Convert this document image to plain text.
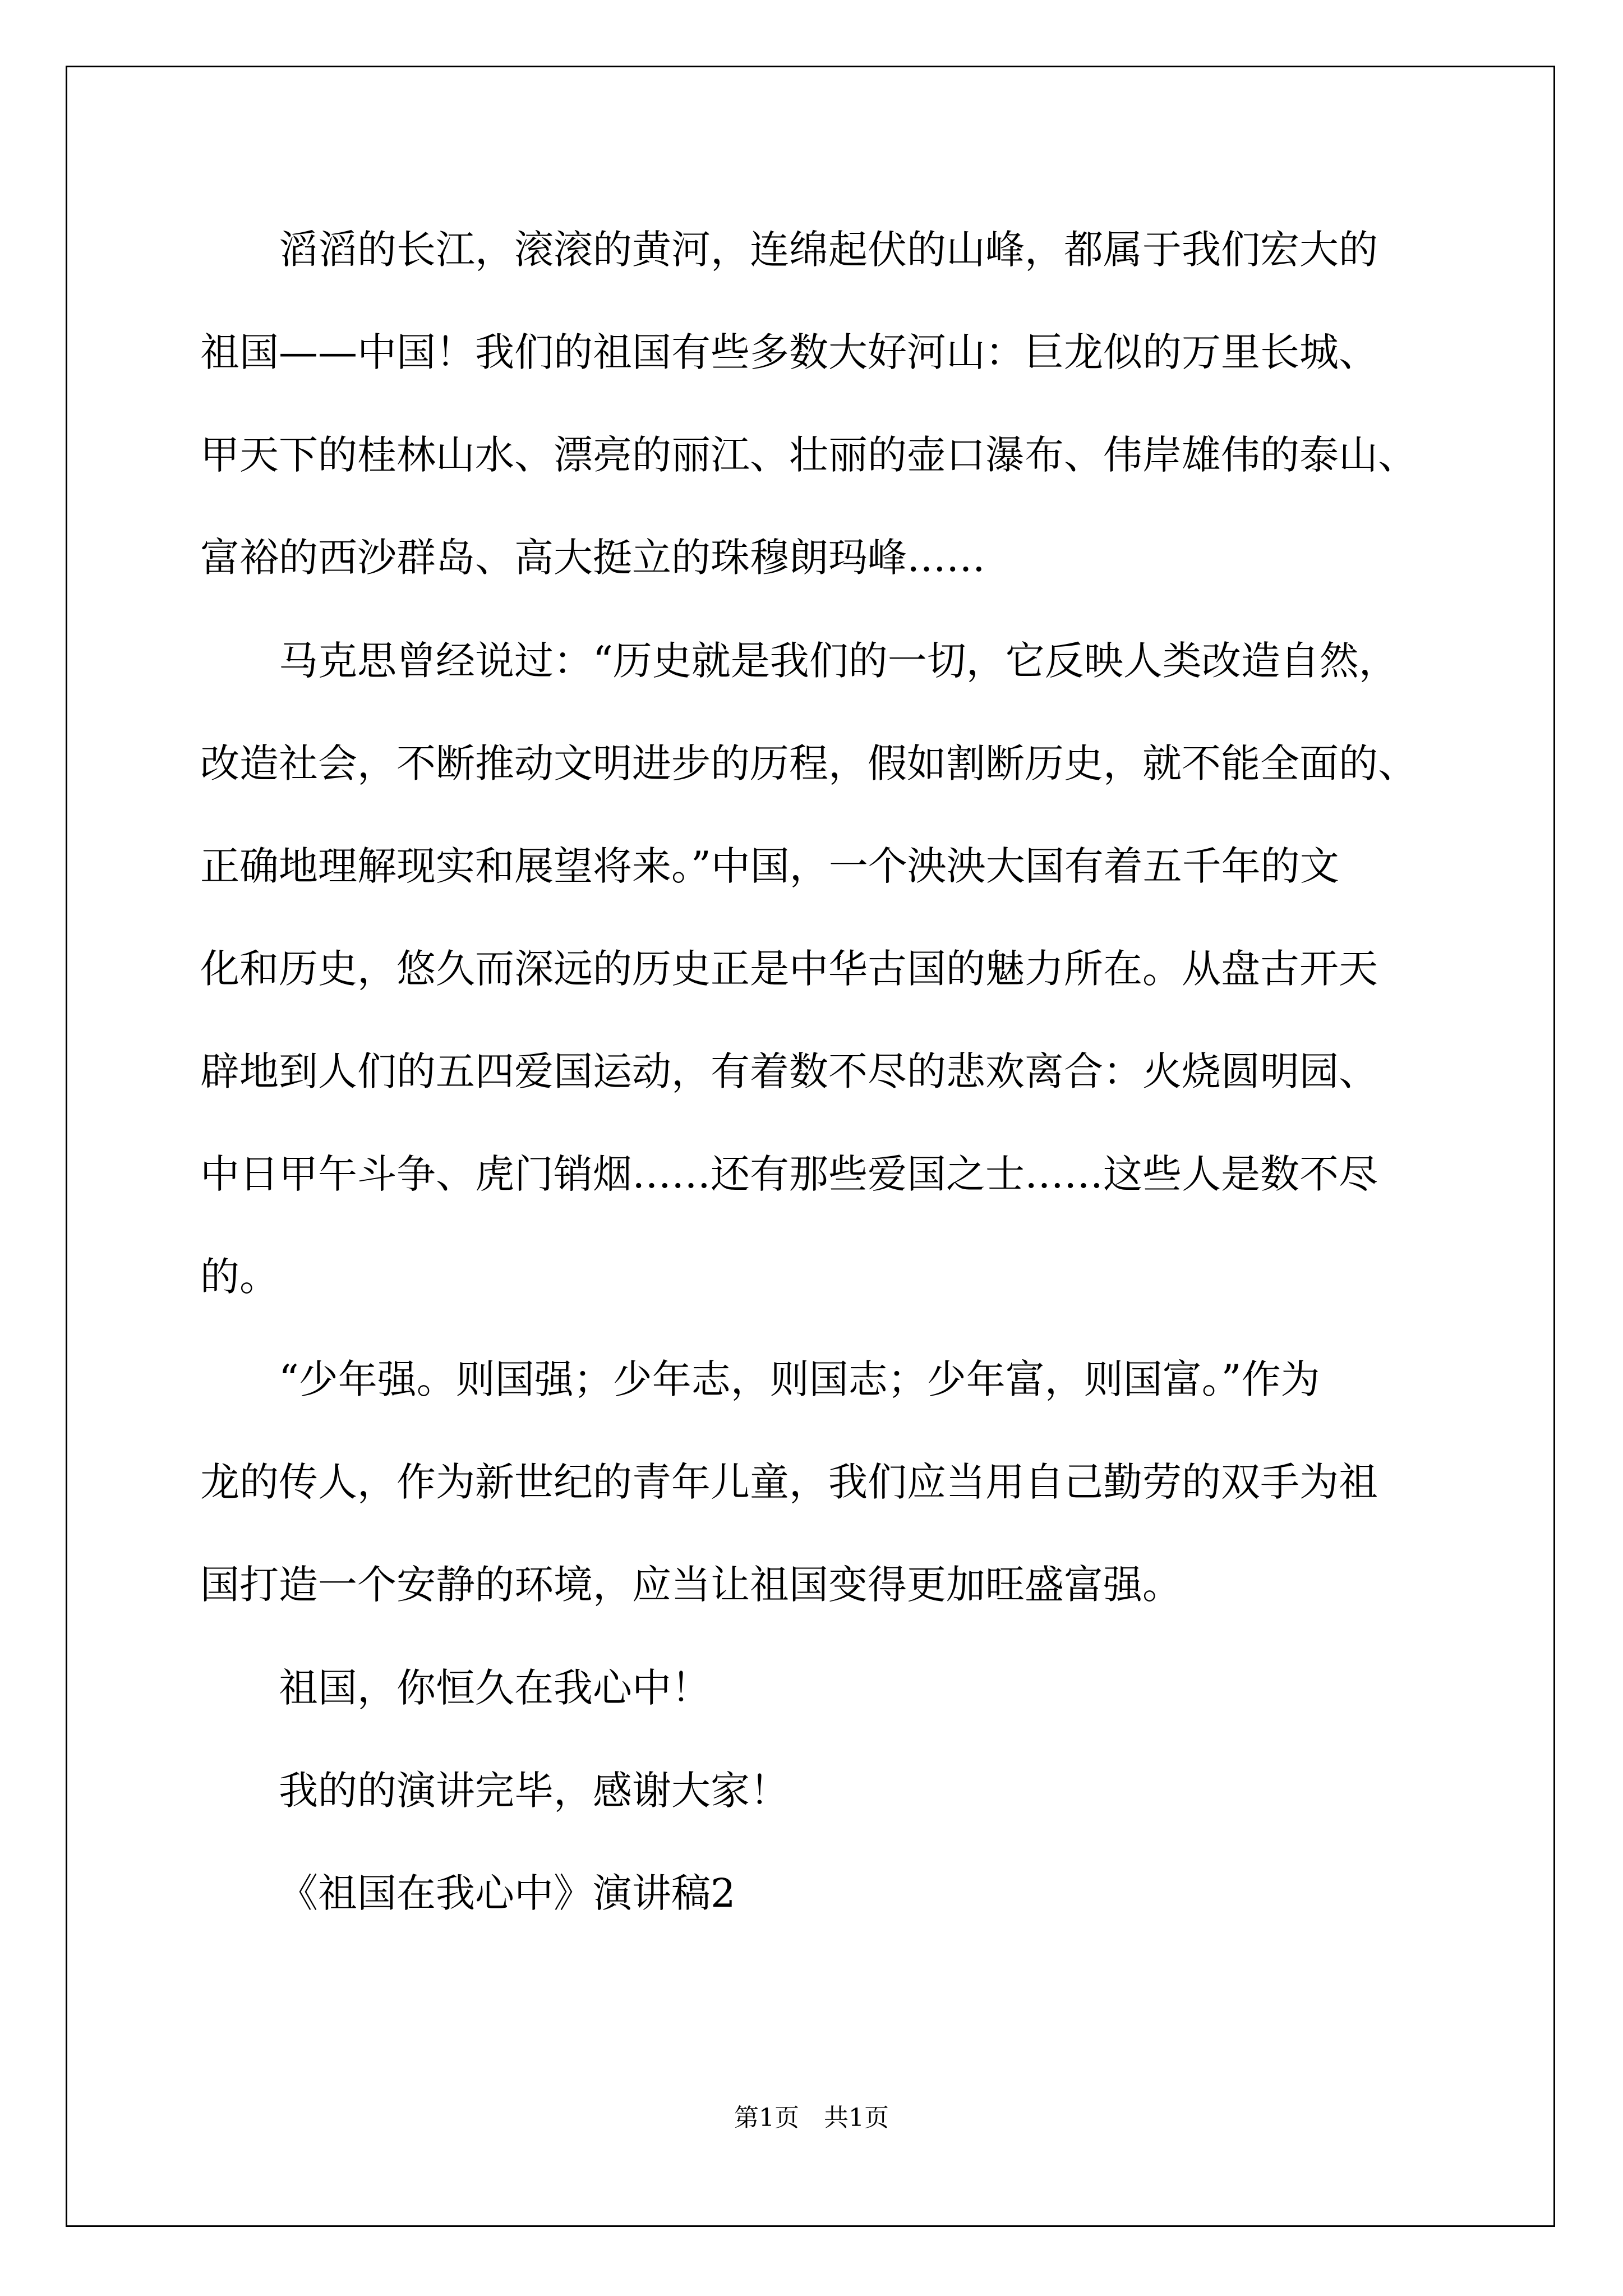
滔滔的长江，滚滚的黄河，连绵起伏的山峰，都属于我们宏大的
祖国——中国！我们的祖国有些多数大好河山：巨龙似的万里长城、
甲天下的桂林山水、漂亮的丽江、壮丽的壶口瀑布、伟岸雄伟的泰山、
富裕的西沙群岛、高大挺立的珠穆朗玛峰……
马克思曾经说过：“历史就是我们的一切，它反映人类改造自然，
改造社会，不断推动文明进步的历程，假如割断历史，就不能全面的、
正确地理解现实和展望将来。”中国，一个泱泱大国有着五千年的文
化和历史，悠久而深远的历史正是中华古国的魅力所在。从盘古开天
辟地到人们的五四爱国运动，有着数不尽的悲欢离合：火烧圆明园、
中日甲午斗争、虎门销烟……还有那些爱国之士……这些人是数不尽
的。
“少年强。则国强；少年志，则国志；少年富，则国富。”作为
龙的传人，作为新世纪的青年儿童，我们应当用自己勤劳的双手为祖
国打造一个安静的环境，应当让祖国变得更加旺盛富强。
祖国，你恒久在我心中！
我的的演讲完毕，感谢大家！
《祖国在我心中》演讲稿2
第1页　共1页
